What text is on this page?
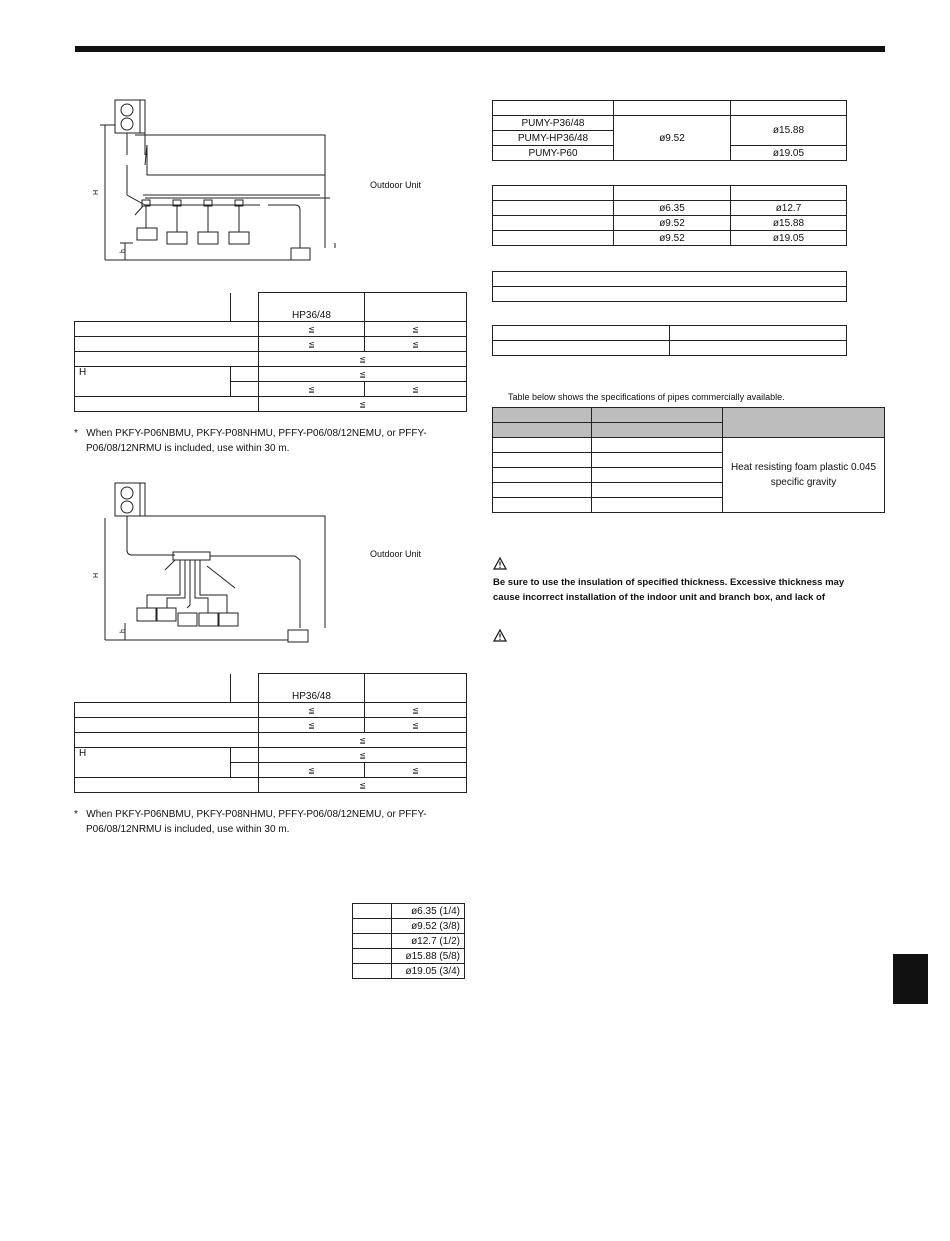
H
h
Outdoor Unit
		HP36/48	
		≦	≦
		≦	≦
		≦	
H		≦	
		≦	≦
		≦	
* When PKFY-P06NBMU, PKFY-P08NHMU, PFFY-P06/08/12NEMU, or PFFY-
P06/08/12NRMU is included, use within 30 m.
H
h
Outdoor Unit
		HP36/48	
		≦	≦
		≦	≦
		≦	
H		≦	
		≦	≦
		≦	
* When PKFY-P06NBMU, PKFY-P08NHMU, PFFY-P06/08/12NEMU, or PFFY-
P06/08/12NRMU is included, use within 30 m.
	ø6.35 (1/4)
	ø9.52 (3/8)
	ø12.7 (1/2)
	ø15.88 (5/8)
	ø19.05 (3/4)

PUMY-P36/48	ø9.52	ø15.88
PUMY-HP36/48		
PUMY-P60		ø19.05

	ø6.35	ø12.7
	ø9.52	ø15.88
	ø9.52	ø19.05

Table below shows the specifications of pipes commercially available.

		Heat resisting foam plastic 0.045
specific gravity

Be sure to use the insulation of specified thickness. Excessive thickness may
cause incorrect installation of the indoor unit and branch box, and lack of
